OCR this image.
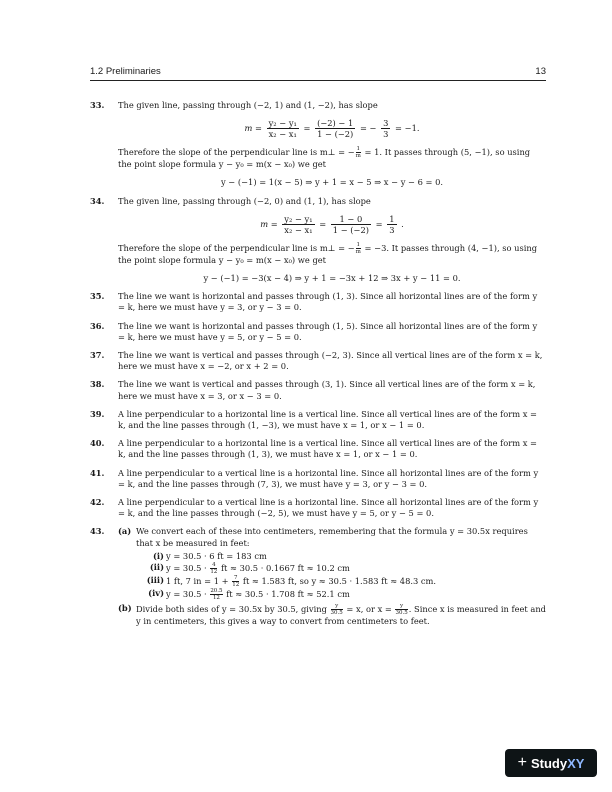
1.2 Preliminaries	13
33. The given line, passing through (−2, 1) and (1, −2), has slope
$m = \frac{\text{y₂ − y₁}}{\text{x₂ − x₁}} = \frac{(-2) - 1}{1 - (-2)}$ = − $\frac{3}{3} = -1$.
Therefore the slope of the perpendicular line is m⊥ = − $\frac{1}{m} = 1$. It passes through (5, −1), so using the point slope formula y − y₀ = m(x − x₀) we get
y − (−1) = 1(x − 5) ⇒ y + 1 = x − 5 ⇒ x − y − 6 = 0.
34. The given line, passing through (−2, 0) and (1, 1), has slope
$m = \frac{\text{y₂ − y₁}}{\text{x₂ − x₁}} = \frac{1 - 0}{1 - (-2)} = \frac{1}{3}$ .
Therefore the slope of the perpendicular line is m⊥ = − $\frac{1}{m} = -3$. It passes through (4, −1), so using the point slope formula y − y₀ = m(x − x₀) we get
y − (−1) = −3(x − 4) ⇒ y + 1 = −3x + 12 ⇒ 3x + y − 11 = 0.
35. The line we want is horizontal and passes through (1, 3). Since all horizontal lines are of the form y = k, here we must have y = 3, or y − 3 = 0.
36. The line we want is horizontal and passes through (1, 5). Since all horizontal lines are of the form y = k, here we must have y = 5, or y − 5 = 0.
37. The line we want is vertical and passes through (−2, 3). Since all vertical lines are of the form x = k, here we must have x = −2, or x + 2 = 0.
38. The line we want is vertical and passes through (3, 1). Since all vertical lines are of the form x = k, here we must have x = 3, or x − 3 = 0.
39. A line perpendicular to a horizontal line is a vertical line. Since all vertical lines are of the form x = k, and the line passes through (1, −3), we must have x = 1, or x − 1 = 0.
40. A line perpendicular to a horizontal line is a vertical line. Since all vertical lines are of the form x = k, and the line passes through (1, 3), we must have x = 1, or x − 1 = 0.
41. A line perpendicular to a vertical line is a horizontal line. Since all horizontal lines are of the form y = k, and the line passes through (7, 3), we must have y = 3, or y − 3 = 0.
42. A line perpendicular to a vertical line is a horizontal line. Since all horizontal lines are of the form y = k, and the line passes through (−2, 5), we must have y = 5, or y − 5 = 0.
43. (a) We convert each of these into centimeters, remembering that the formula y = 30.5x requires that x be measured in feet:
(i) y = 30.5 · 6 ft = 183 cm
(ii) $y = 30.5 \cdot \frac{4}{12}$ ft ≈ 30.5 · 0.1667 ft ≈ 10.2 cm
(iii) 1 ft, 7 in = $1 + \frac{7}{12}$ ft ≈ 1.583 ft, so y ≈ 30.5 · 1.583 ft ≈ 48.3 cm.
(iv) $y = 30.5 \cdot \frac{20.5}{12}$ ft ≈ 30.5 · 1.708 ft ≈ 52.1 cm
(b) Divide both sides of y = 30.5x by 30.5, giving $\frac{y}{30.5} = x$, or $x = \frac{y}{30.5}$ . Since x is measured in feet and y in centimeters, this gives a way to convert from centimeters to feet.
+ Study XY
